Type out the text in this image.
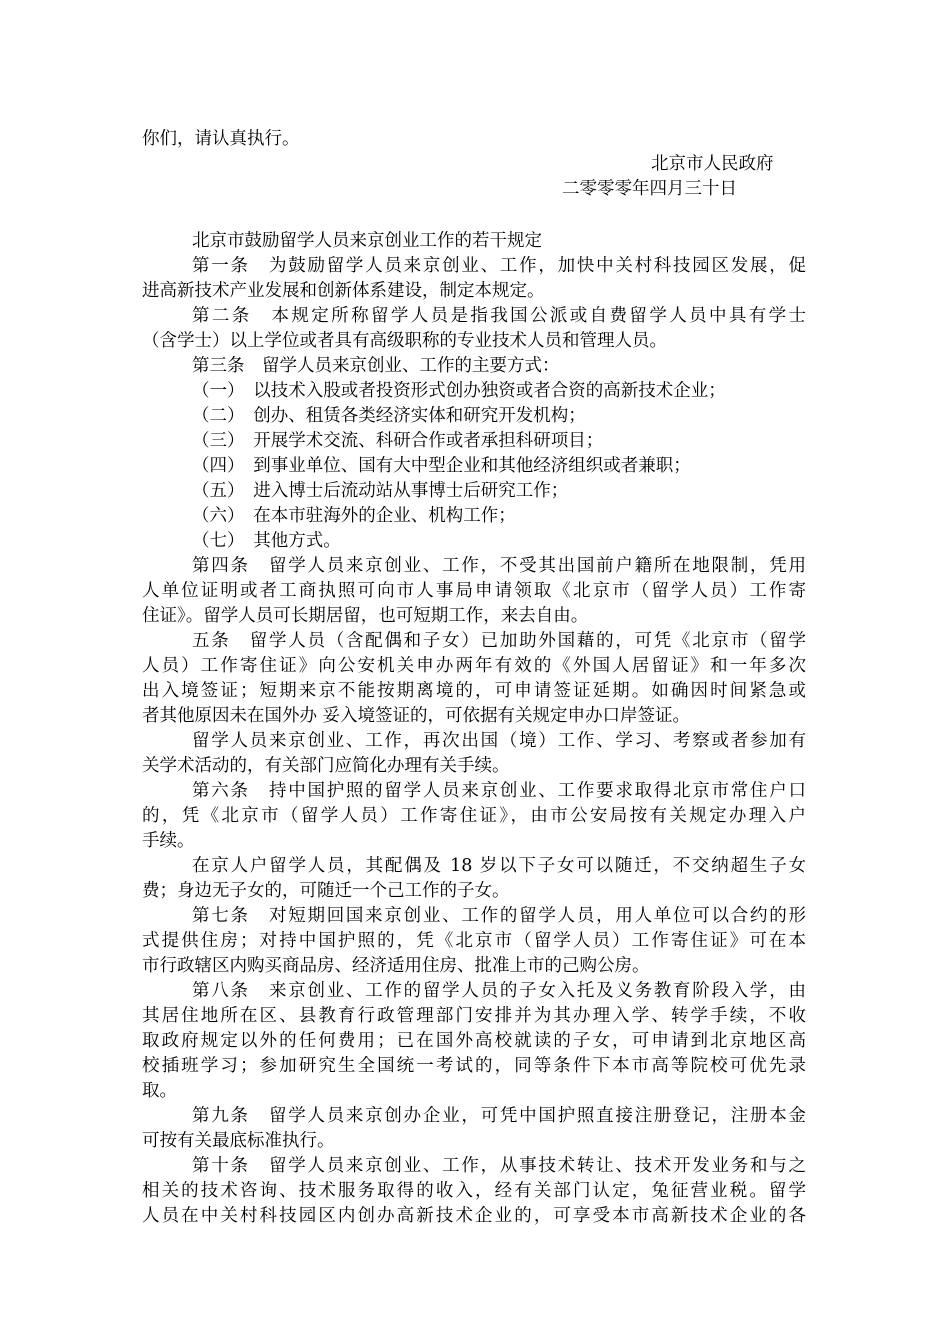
你们，请认真执行。
北京市人民政府
二零零零年四月三十日
北京市鼓励留学人员来京创业工作的若干规定
第一条　为鼓励留学人员来京创业、工作，加快中关村科技园区发展，促
进高新技术产业发展和创新体系建设，制定本规定。
第二条　本规定所称留学人员是指我国公派或自费留学人员中具有学士
（含学士）以上学位或者具有高级职称的专业技术人员和管理人员。
第三条　留学人员来京创业、工作的主要方式：
（一）　以技术入股或者投资形式创办独资或者合资的高新技术企业；
（二）　创办、租赁各类经济实体和研究开发机构；
（三）　开展学术交流、科研合作或者承担科研项目；
（四）　到事业单位、国有大中型企业和其他经济组织或者兼职；
（五）　进入博士后流动站从事博士后研究工作；
（六）　在本市驻海外的企业、机构工作；
（七）　其他方式。
第四条　留学人员来京创业、工作，不受其出国前户籍所在地限制，凭用
人单位证明或者工商执照可向市人事局申请领取《北京市（留学人员）工作寄
住证》。留学人员可长期居留，也可短期工作，来去自由。
五条　留学人员（含配偶和子女）已加助外国藉的，可凭《北京市（留学
人员）工作寄住证》向公安机关申办两年有效的《外国人居留证》和一年多次
出入境签证；短期来京不能按期离境的，可申请签证延期。如确因时间紧急或
者其他原因未在国外办 妥入境签证的，可依据有关规定申办口岸签证。
留学人员来京创业、工作，再次出国（境）工作、学习、考察或者参加有
关学术活动的，有关部门应简化办理有关手续。
第六条　持中国护照的留学人员来京创业、工作要求取得北京市常住户口
的，凭《北京市（留学人员）工作寄住证》，由市公安局按有关规定办理入户
手续。
在京人户留学人员，其配偶及 18 岁以下子女可以随迁，不交纳超生子女
费；身边无子女的，可随迁一个己工作的子女。
第七条　对短期回国来京创业、工作的留学人员，用人单位可以合约的形
式提供住房；对持中国护照的，凭《北京市（留学人员）工作寄住证》可在本
市行政辖区内购买商品房、经济适用住房、批准上市的己购公房。
第八条　来京创业、工作的留学人员的子女入托及义务教育阶段入学，由
其居住地所在区、县教育行政管理部门安排并为其办理入学、转学手续，不收
取政府规定以外的任何费用；已在国外高校就读的子女，可申请到北京地区高
校插班学习；参加研究生全国统一考试的，同等条件下本市高等院校可优先录
取。
第九条　留学人员来京创办企业，可凭中国护照直接注册登记，注册本金
可按有关最底标准执行。
第十条　留学人员来京创业、工作，从事技术转让、技术开发业务和与之
相关的技术咨询、技术服务取得的收入，经有关部门认定，兔征营业税。留学
人员在中关村科技园区内创办高新技术企业的，可享受本市高新技术企业的各
